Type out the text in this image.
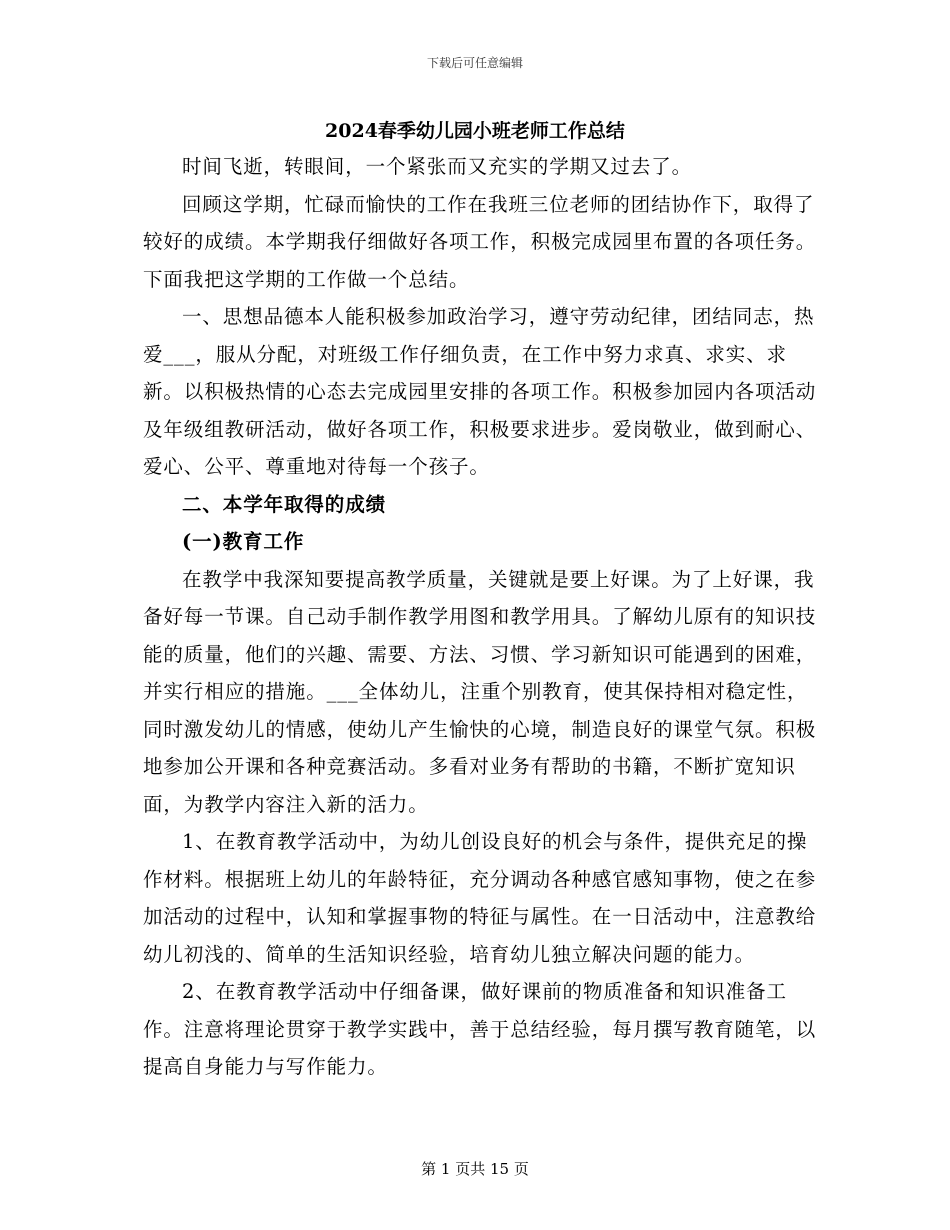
下载后可任意编辑
2024春季幼儿园小班老师工作总结

时间飞逝，转眼间，一个紧张而又充实的学期又过去了。

回顾这学期，忙碌而愉快的工作在我班三位老师的团结协作下，取得了较好的成绩。本学期我仔细做好各项工作，积极完成园里布置的各项任务。下面我把这学期的工作做一个总结。

一、思想品德本人能积极参加政治学习，遵守劳动纪律，团结同志，热爱___，服从分配，对班级工作仔细负责，在工作中努力求真、求实、求新。以积极热情的心态去完成园里安排的各项工作。积极参加园内各项活动及年级组教研活动，做好各项工作，积极要求进步。爱岗敬业，做到耐心、爱心、公平、尊重地对待每一个孩子。

二、本学年取得的成绩

(一)教育工作

在教学中我深知要提高教学质量，关键就是要上好课。为了上好课，我备好每一节课。自己动手制作教学用图和教学用具。了解幼儿原有的知识技能的质量，他们的兴趣、需要、方法、习惯、学习新知识可能遇到的困难，并实行相应的措施。___全体幼儿，注重个别教育，使其保持相对稳定性，同时激发幼儿的情感，使幼儿产生愉快的心境，制造良好的课堂气氛。积极地参加公开课和各种竞赛活动。多看对业务有帮助的书籍，不断扩宽知识面，为教学内容注入新的活力。

1、在教育教学活动中，为幼儿创设良好的机会与条件，提供充足的操作材料。根据班上幼儿的年龄特征，充分调动各种感官感知事物，使之在参加活动的过程中，认知和掌握事物的特征与属性。在一日活动中，注意教给幼儿初浅的、简单的生活知识经验，培育幼儿独立解决问题的能力。

2、在教育教学活动中仔细备课，做好课前的物质准备和知识准备工作。注意将理论贯穿于教学实践中，善于总结经验，每月撰写教育随笔，以提高自身能力与写作能力。

第 1 页共 15 页
